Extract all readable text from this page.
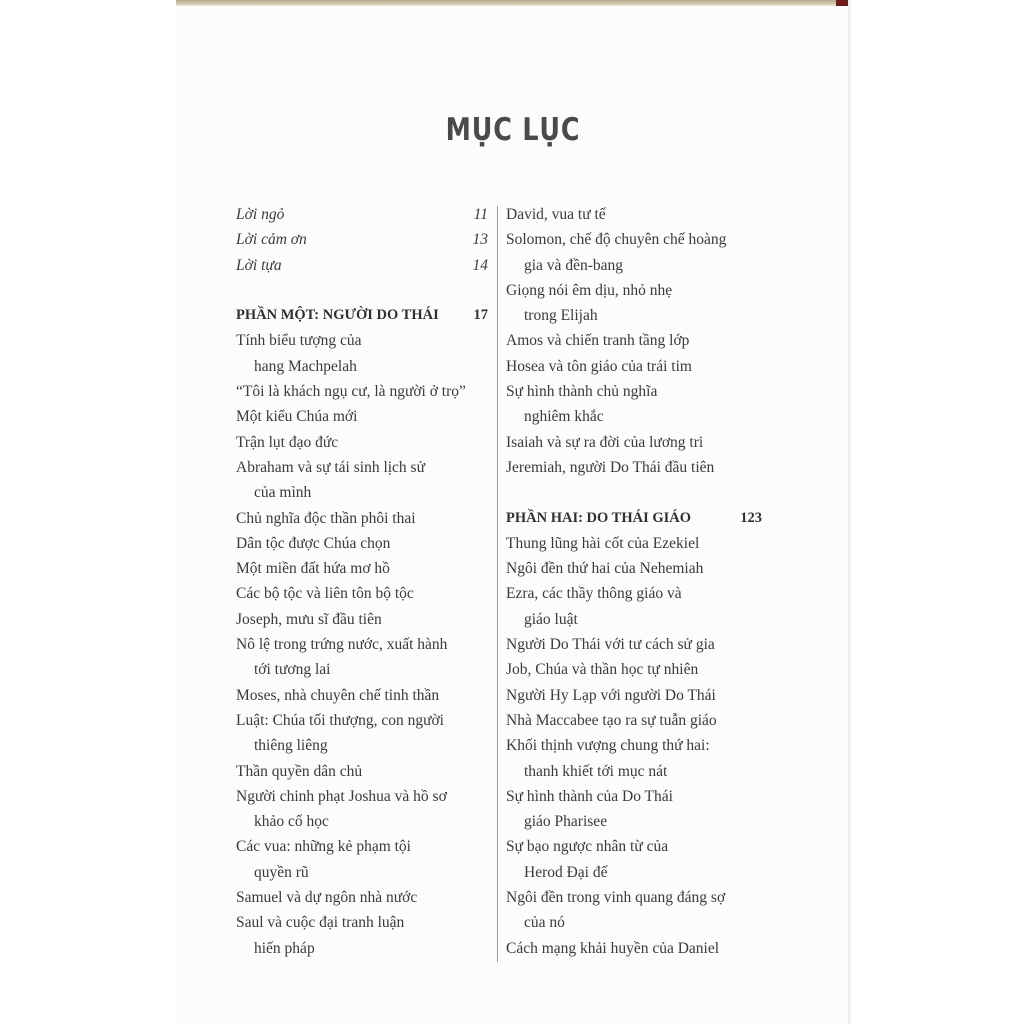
MỤC LỤC
Lời ngỏ	11
Lời cảm ơn	13
Lời tựa	14
PHẦN MỘT: NGƯỜI DO THÁI 17
Tính biểu tượng của
hang Machpelah
“Tôi là khách ngụ cư, là người ở trọ”
Một kiểu Chúa mới
Trận lụt đạo đức
Abraham và sự tái sinh lịch sử
của mình
Chủ nghĩa độc thần phôi thai
Dân tộc được Chúa chọn
Một miền đất hứa mơ hồ
Các bộ tộc và liên tôn bộ tộc
Joseph, mưu sĩ đầu tiên
Nô lệ trong trứng nước, xuất hành
tới tương lai
Moses, nhà chuyên chế tinh thần
Luật: Chúa tối thượng, con người
thiêng liêng
Thần quyền dân chủ
Người chinh phạt Joshua và hồ sơ
khảo cổ học
Các vua: những kẻ phạm tội
quyền rũ
Samuel và dự ngôn nhà nước
Saul và cuộc đại tranh luận
hiến pháp
David, vua tư tế
Solomon, chế độ chuyên chế hoàng
gia và đền-bang
Giọng nói êm dịu, nhỏ nhẹ
trong Elijah
Amos và chiến tranh tầng lớp
Hosea và tôn giáo của trái tim
Sự hình thành chủ nghĩa
nghiêm khắc
Isaiah và sự ra đời của lương tri
Jeremiah, người Do Thái đầu tiên
PHẦN HAI: DO THÁI GIÁO	123
Thung lũng hài cốt của Ezekiel
Ngôi đền thứ hai của Nehemiah
Ezra, các thầy thông giáo và
giáo luật
Người Do Thái với tư cách sử gia
Job, Chúa và thần học tự nhiên
Người Hy Lạp với người Do Thái
Nhà Maccabee tạo ra sự tuẫn giáo
Khối thịnh vượng chung thứ hai:
thanh khiết tới mục nát
Sự hình thành của Do Thái
giáo Pharisee
Sự bạo ngược nhân từ của
Herod Đại đế
Ngôi đền trong vinh quang đáng sợ
của nó
Cách mạng khải huyền của Daniel
